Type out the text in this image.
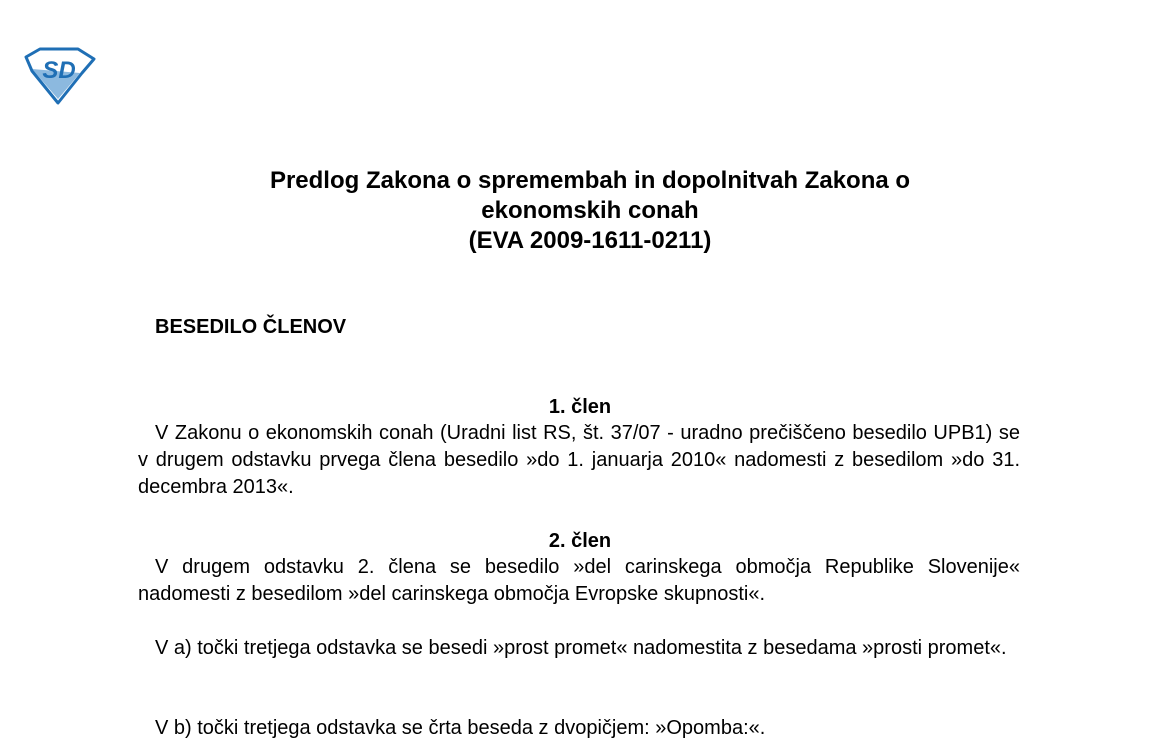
SD
Predlog Zakona o spremembah in dopolnitvah Zakona o
ekonomskih conah
(EVA 2009-1611-0211)
BESEDILO ČLENOV
1. člen

V Zakonu o ekonomskih conah (Uradni list RS, št. 37/07 - uradno prečiščeno besedilo UPB1) se v drugem odstavku prvega člena besedilo »do 1. januarja 2010« nadomesti z besedilom »do 31. decembra 2013«.

2. člen

V drugem odstavku 2. člena se besedilo »del carinskega območja Republike Slovenije« nadomesti z besedilom »del carinskega območja Evropske skupnosti«.

V a) točki tretjega odstavka se besedi »prost promet« nadomestita z besedama »prosti promet«.

V b) točki tretjega odstavka se črta beseda z dvopičjem: »Opomba:«.
